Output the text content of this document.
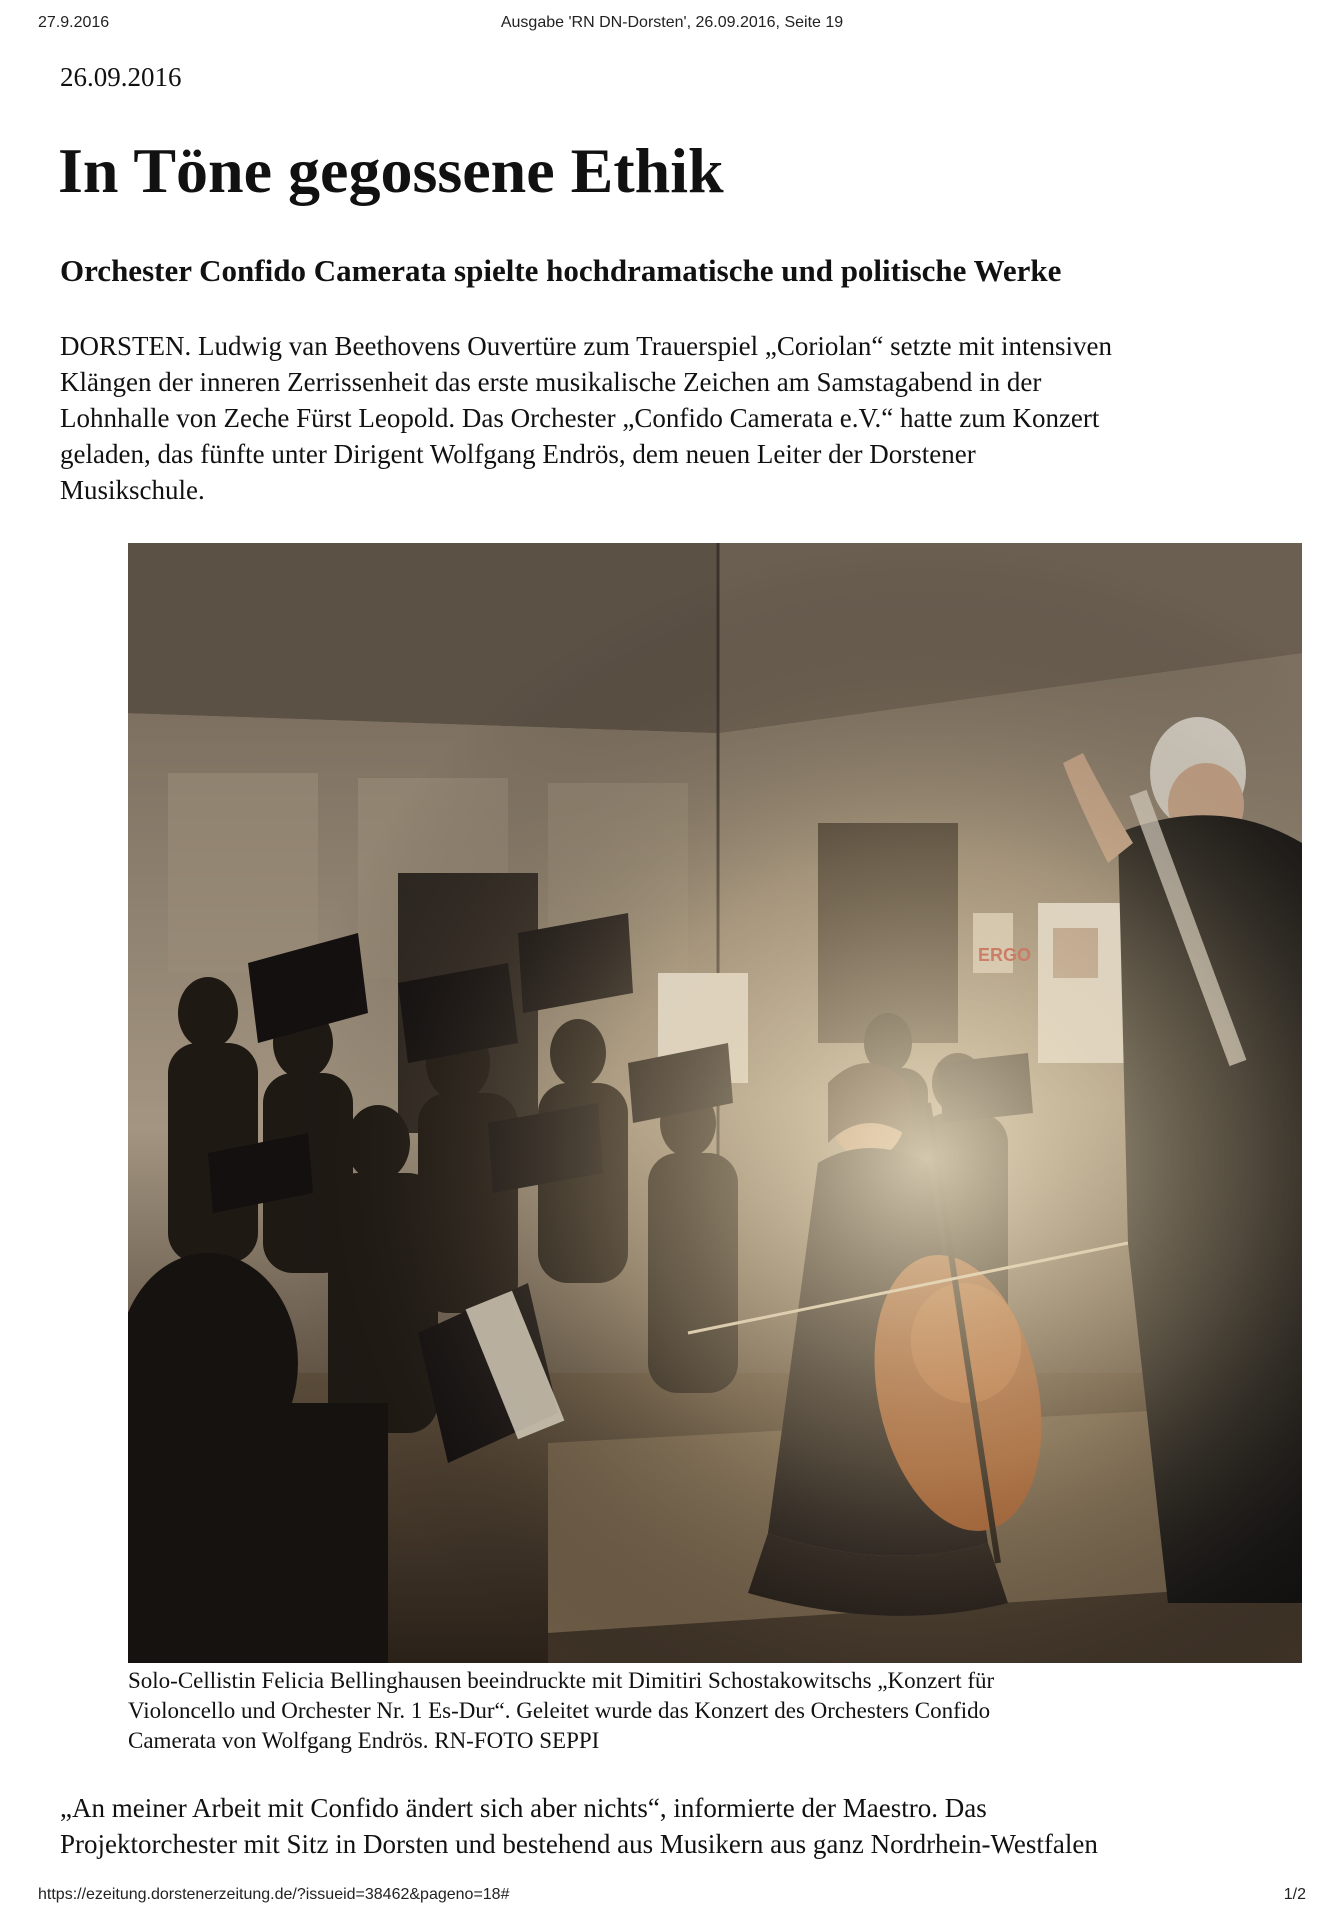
27.9.2016	Ausgabe 'RN DN-Dorsten', 26.09.2016, Seite 19
26.09.2016
In Töne gegossene Ethik
Orchester Confido Camerata spielte hochdramatische und politische Werke

DORSTEN. Ludwig van Beethovens Ouvertüre zum Trauerspiel „Coriolan“ setzte mit intensiven
Klängen der inneren Zerrissenheit das erste musikalische Zeichen am Samstagabend in der
Lohnhalle von Zeche Fürst Leopold. Das Orchester „Confido Camerata e.V.“ hatte zum Konzert
geladen, das fünfte unter Dirigent Wolfgang Endrös, dem neuen Leiter der Dorstener
Musikschule.

Solo-Cellistin Felicia Bellinghausen beeindruckte mit Dimitiri Schostakowitschs „Konzert für
Violoncello und Orchester Nr. 1 Es-Dur“. Geleitet wurde das Konzert des Orchesters Confido
Camerata von Wolfgang Endrös. RN-FOTO SEPPI

„An meiner Arbeit mit Confido ändert sich aber nichts“, informierte der Maestro. Das
Projektorchester mit Sitz in Dorsten und bestehend aus Musikern aus ganz Nordrhein-Westfalen

https://ezeitung.dorstenerzeitung.de/?issueid=38462&pageno=18#	1/2
